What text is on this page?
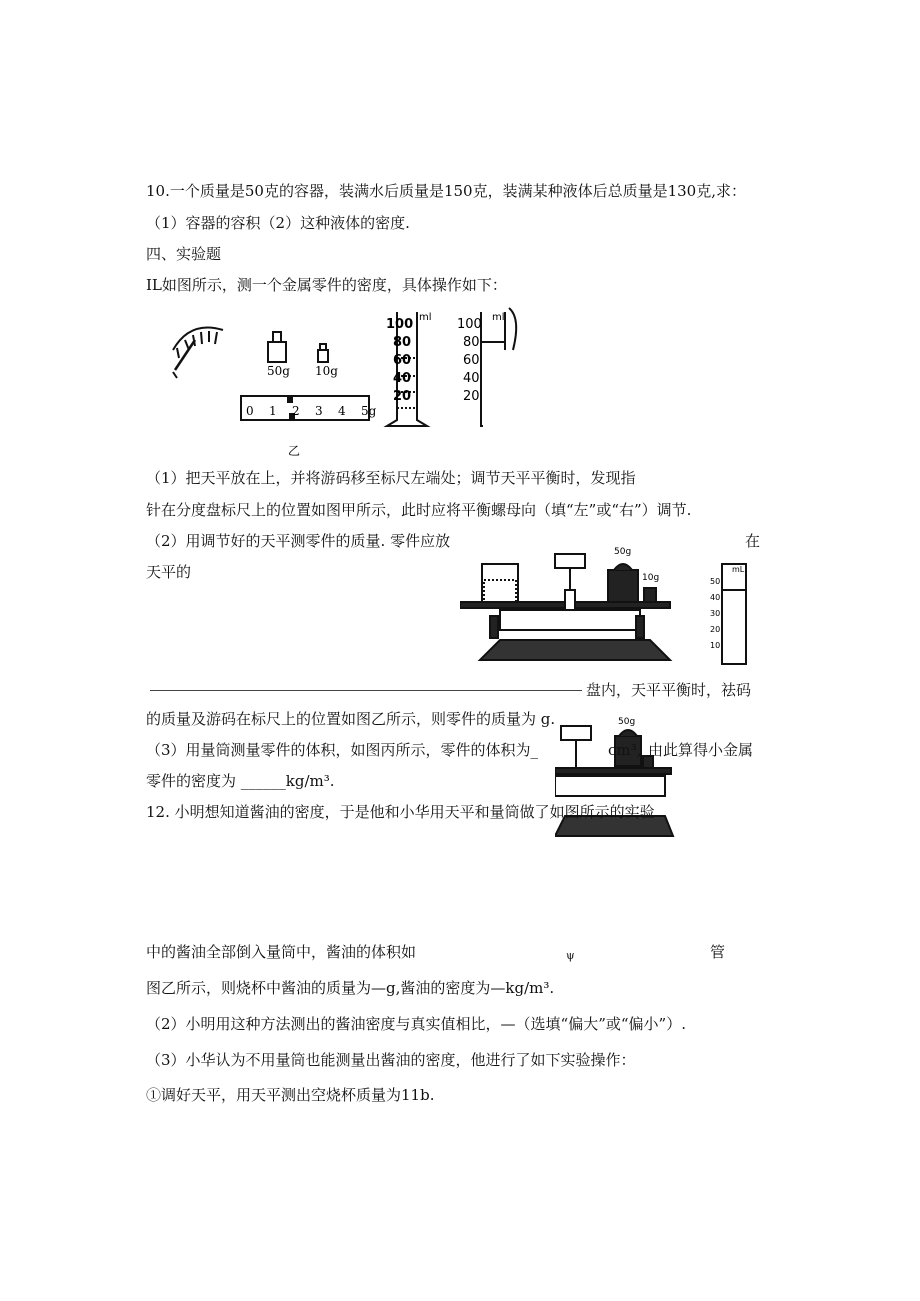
10.一个质量是50克的容器，装满水后质量是150克，装满某种液体后总质量是130克,求：
（1）容器的容积（2）这种液体的密度.
四、实验题
IL如图所示，测一个金属零件的密度，具体操作如下：
50g 10g
0 1 2 3 4 5g
乙
ml
100
80
60
40
20
ml
100
80
60
40
20
（1）把天平放在上，并将游码移至标尺左端处；调节天平平衡时，发现指
针在分度盘标尺上的位置如图甲所示，此时应将平衡螺母向（填“左”或“右”）调节.
（2）用调节好的天平测零件的质量. 零件应放	在
天平的
50g
10g
mL
50
40
30
20
10
盘内，天平平衡时，祛码
的质量及游码在标尺上的位置如图乙所示，则零件的质量为 g.	50g
（3）用量筒测量零件的体积，如图丙所示，零件的体积为_	cm³, 由此算得小金属
零件的密度为 ______kg/m³.
12. 小明想知道酱油的密度，于是他和小华用天平和量筒做了如图所示的实验.
中的酱油全部倒入量筒中，酱油的体积如	ψ	管
图乙所示，则烧杯中酱油的质量为—g,酱油的密度为—kg/m³.
（2）小明用这种方法测出的酱油密度与真实值相比，—（选填“偏大”或“偏小”）.
（3）小华认为不用量筒也能测量出酱油的密度，他进行了如下实验操作：
①调好天平，用天平测出空烧杯质量为11b.
